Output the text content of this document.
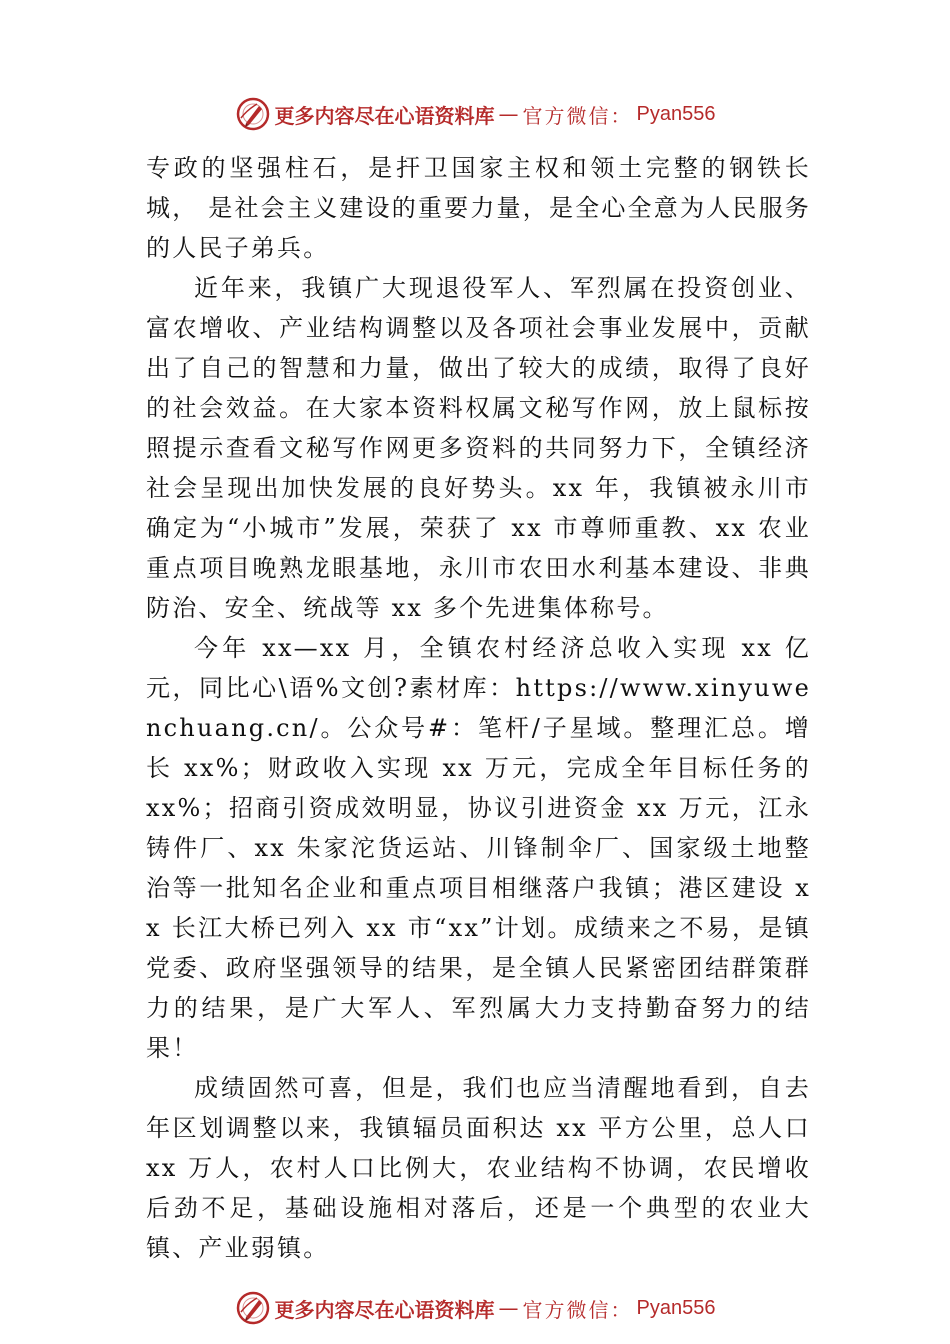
更多内容尽在心语资料库 — 官方微信： Pyan556

专政的坚强柱石，是扞卫国家主权和领土完整的钢铁长城， 是社会主义建设的重要力量，是全心全意为人民服务的人民子弟兵。

近年来，我镇广大现退役军人、军烈属在投资创业、富农增收、产业结构调整以及各项社会事业发展中，贡献出了自己的智慧和力量，做出了较大的成绩，取得了良好的社会效益。在大家本资料权属文秘写作网，放上鼠标按照提示查看文秘写作网更多资料的共同努力下，全镇经济社会呈现出加快发展的良好势头。xx 年，我镇被永川市确定为“小城市”发展，荣获了 xx 市尊师重教、xx 农业重点项目晚熟龙眼基地，永川市农田水利基本建设、非典防治、安全、统战等 xx 多个先进集体称号。

今年 xx—xx 月，全镇农村经济总收入实现 xx 亿元，同比心\语%文创?素材库：https://www.xinyuwenchuang.cn/。公众号#：笔杆/子星域。整理汇总。增长 xx%；财政收入实现 xx 万元，完成全年目标任务的 xx%；招商引资成效明显，协议引进资金 xx 万元，江永铸件厂、xx 朱家沱货运站、川锋制伞厂、国家级土地整治等一批知名企业和重点项目相继落户我镇；港区建设 xx 长江大桥已列入 xx 市“xx”计划。成绩来之不易，是镇党委、政府坚强领导的结果，是全镇人民紧密团结群策群力的结果，是广大军人、军烈属大力支持勤奋努力的结果！

成绩固然可喜，但是，我们也应当清醒地看到，自去年区划调整以来，我镇辐员面积达 xx 平方公里，总人口 xx 万人，农村人口比例大，农业结构不协调，农民增收后劲不足，基础设施相对落后，还是一个典型的农业大镇、产业弱镇。

更多内容尽在心语资料库 — 官方微信： Pyan556
